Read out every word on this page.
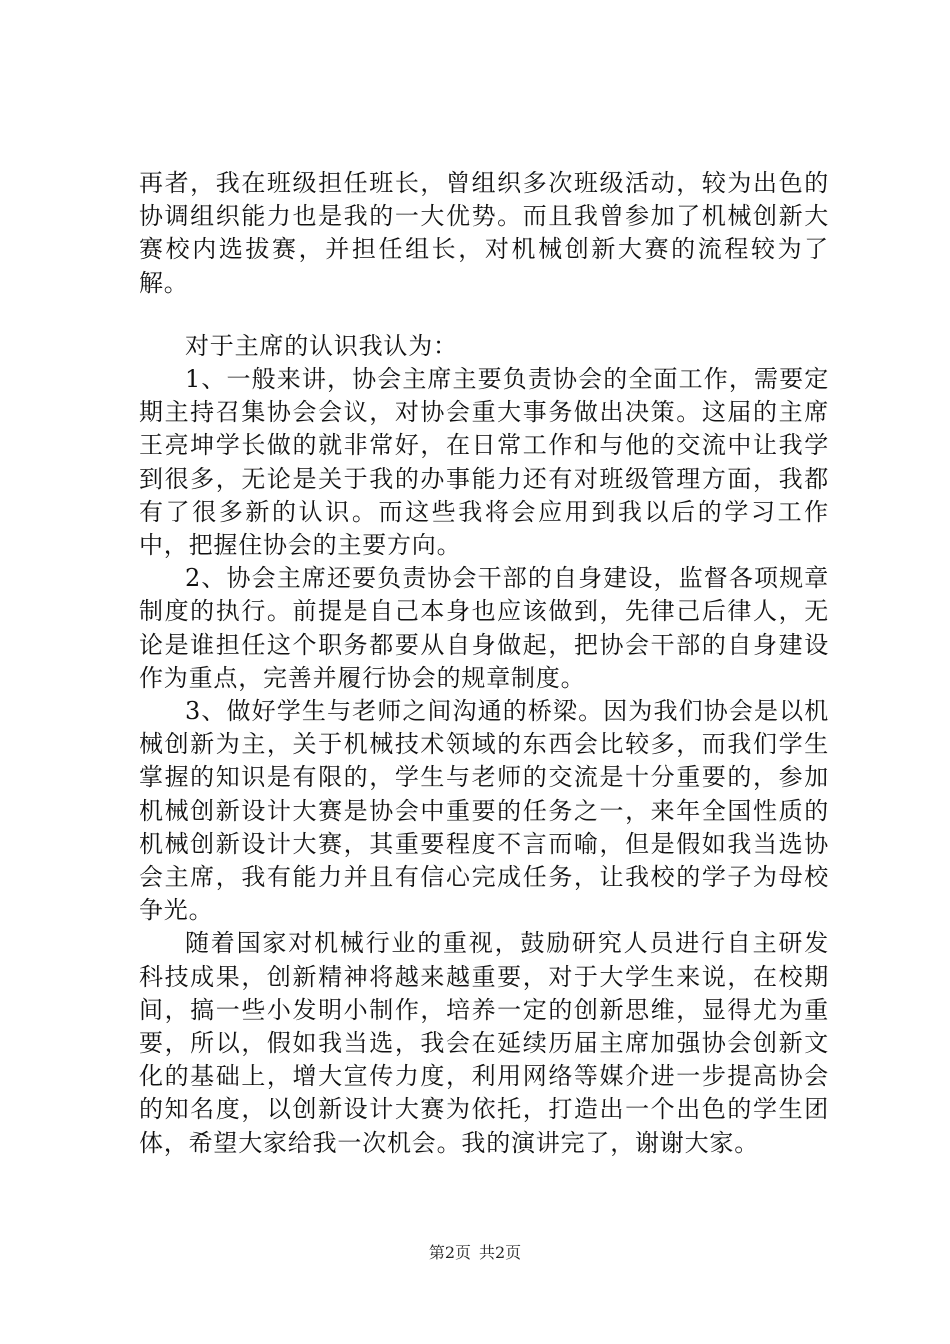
再者，我在班级担任班长，曾组织多次班级活动，较为出色的协调组织能力也是我的一大优势。而且我曾参加了机械创新大赛校内选拔赛，并担任组长，对机械创新大赛的流程较为了解。

对于主席的认识我认为：

1、一般来讲，协会主席主要负责协会的全面工作，需要定期主持召集协会会议，对协会重大事务做出决策。这届的主席王亮坤学长做的就非常好，在日常工作和与他的交流中让我学到很多，无论是关于我的办事能力还有对班级管理方面，我都有了很多新的认识。而这些我将会应用到我以后的学习工作中，把握住协会的主要方向。

2、协会主席还要负责协会干部的自身建设，监督各项规章制度的执行。前提是自己本身也应该做到，先律己后律人，无论是谁担任这个职务都要从自身做起，把协会干部的自身建设作为重点，完善并履行协会的规章制度。

3、做好学生与老师之间沟通的桥梁。因为我们协会是以机械创新为主，关于机械技术领域的东西会比较多，而我们学生掌握的知识是有限的，学生与老师的交流是十分重要的，参加机械创新设计大赛是协会中重要的任务之一，来年全国性质的机械创新设计大赛，其重要程度不言而喻，但是假如我当选协会主席，我有能力并且有信心完成任务，让我校的学子为母校争光。

随着国家对机械行业的重视，鼓励研究人员进行自主研发科技成果，创新精神将越来越重要，对于大学生来说，在校期间，搞一些小发明小制作，培养一定的创新思维，显得尤为重要，所以，假如我当选，我会在延续历届主席加强协会创新文化的基础上，增大宣传力度，利用网络等媒介进一步提高协会的知名度，以创新设计大赛为依托，打造出一个出色的学生团体，希望大家给我一次机会。我的演讲完了，谢谢大家。

第2页 共2页
